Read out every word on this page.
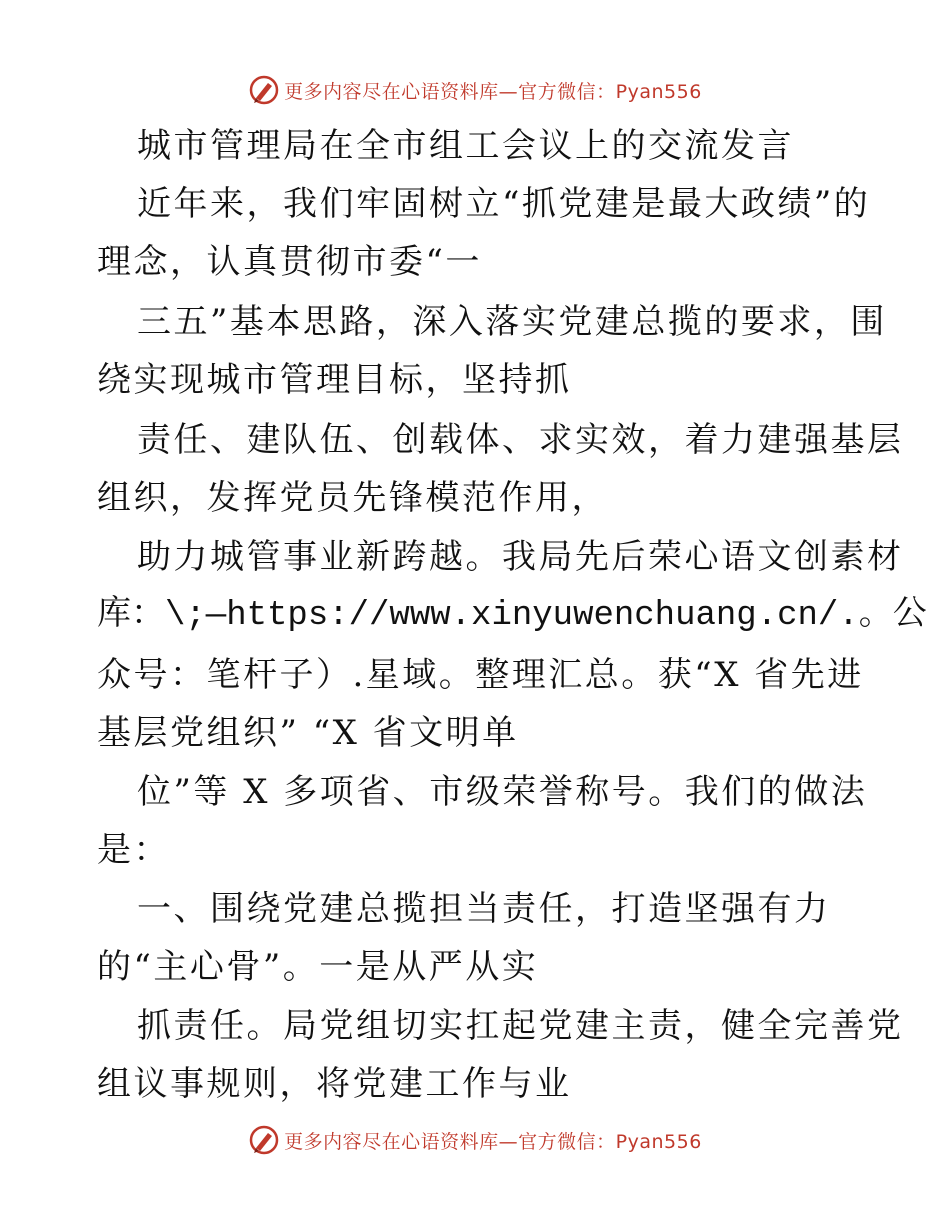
更多内容尽在心语资料库—官方微信：Pyan556
城市管理局在全市组工会议上的交流发言
近年来，我们牢固树立“抓党建是最大政绩”的
理念，认真贯彻市委“一
三五”基本思路，深入落实党建总揽的要求，围
绕实现城市管理目标，坚持抓
责任、建队伍、创载体、求实效，着力建强基层
组织，发挥党员先锋模范作用，
助力城管事业新跨越。我局先后荣心语文创素材
库：\;—https://www.xinyuwenchuang.cn/.。公
众号：笔杆子）.星域。整理汇总。获“X 省先进
基层党组织” “X 省文明单
位”等 X 多项省、市级荣誉称号。我们的做法
是：
一、围绕党建总揽担当责任，打造坚强有力
的“主心骨”。一是从严从实
抓责任。局党组切实扛起党建主责，健全完善党
组议事规则，将党建工作与业
更多内容尽在心语资料库—官方微信：Pyan556
